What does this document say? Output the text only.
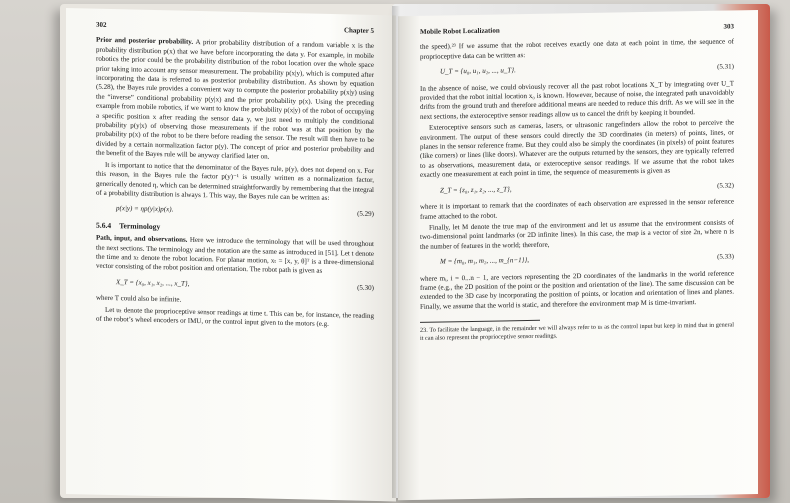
302
Chapter 5

Prior and posterior probability. A prior probability distribution of a random variable x is the probability distribution p(x) that we have before incorporating the data y. For example, in mobile robotics the prior could be the probability distribution of the robot location over the whole space prior taking into account any sensor measurement. The probability p(x|y), which is computed after incorporating the data is referred to as posterior probability distribution. As shown by equation (5.28), the Bayes rule provides a convenient way to compute the posterior probability p(x|y) using the “inverse” conditional probability p(y|x) and the prior probability p(x). Using the preceding example from mobile robotics, if we want to know the probability p(x|y) of the robot of occupying a specific position x after reading the sensor data y, we just need to multiply the conditional probability p(y|x) of observing those measurements if the robot was at that position by the probability p(x) of the robot to be there before reading the sensor. The result will then have to be divided by a certain normalization factor p(y). The concept of prior and posterior probability and the benefit of the Bayes rule will be anyway clarified later on.

It is important to notice that the denominator of the Bayes rule, p(y), does not depend on x. For this reason, in the Bayes rule the factor p(y)⁻¹ is usually written as a normalization factor, generically denoted η, which can be determined straightforwardly by remembering that the integral of a probability distribution is always 1. This way, the Bayes rule can be written as:

p(x|y) = ηp(y|x)p(x).
(5.29)
5.6.4 Terminology

Path, input, and observations. Here we introduce the terminology that will be used throughout the next sections. The terminology and the notation are the same as introduced in [51]. Let t denote the time and xₜ denote the robot location. For planar motion, xₜ = [x, y, θ]ᵀ is a three-dimensional vector consisting of the robot position and orientation. The robot path is given as

X_T = {x₀, x₁, x₂, ..., x_T},	(5.30)

where T could also be infinite.

Let uₜ denote the proprioceptive sensor readings at time t. This can be, for instance, the reading of the robot’s wheel encoders or IMU, or the control input given to the motors (e.g.

Mobile Robot Localization	303

the speed).²³ If we assume that the robot receives exactly one data at each point in time, the sequence of proprioceptive data can be written as:

U_T = {u₀, u₁, u₂, ..., u_T}.	(5.31)

In the absence of noise, we could obviously recover all the past robot locations X_T by integrating over U_T provided that the robot initial location x₀ is known. However, because of noise, the integrated path unavoidably drifts from the ground truth and therefore additional means are needed to reduce this drift. As we will see in the next sections, the exteroceptive sensor readings allow us to cancel the drift by keeping it bounded.

Exteroceptive sensors such as cameras, lasers, or ultrasonic rangefinders allow the robot to perceive the environment. The output of these sensors could directly the 3D coordinates (in meters) of points, lines, or planes in the sensor reference frame. But they could also be simply the coordinates (in pixels) of point features (like corners) or lines (like doors). Whatever are the outputs returned by the sensors, they are typically referred to as observations, measurement data, or exteroceptive sensor readings. If we assume that the robot takes exactly one measurement at each point in time, the sequence of measurements is given as

Z_T = {z₀, z₁, z₂, ..., z_T},	(5.32)

where it is important to remark that the coordinates of each observation are expressed in the sensor reference frame attached to the robot.

Finally, let M denote the true map of the environment and let us assume that the environment consists of two-dimensional point landmarks (or 2D infinite lines). In this case, the map is a vector of size 2n, where n is the number of features in the world; therefore,

M = {m₀, m₁, m₂, ..., m_{n−1}},	(5.33)

where mᵢ, i = 0...n − 1, are vectors representing the 2D coordinates of the landmarks in the world reference frame (e.g., the 2D position of the point or the position and orientation of the line). The same discussion can be extended to the 3D case by incorporating the position of points, or location and orientation of lines and planes. Finally, we assume that the world is static, and therefore the environment map M is time-invariant.

23. To facilitate the language, in the remainder we will always refer to uₜ as the control input but keep in mind that in general it can also represent the proprioceptive sensor readings.
